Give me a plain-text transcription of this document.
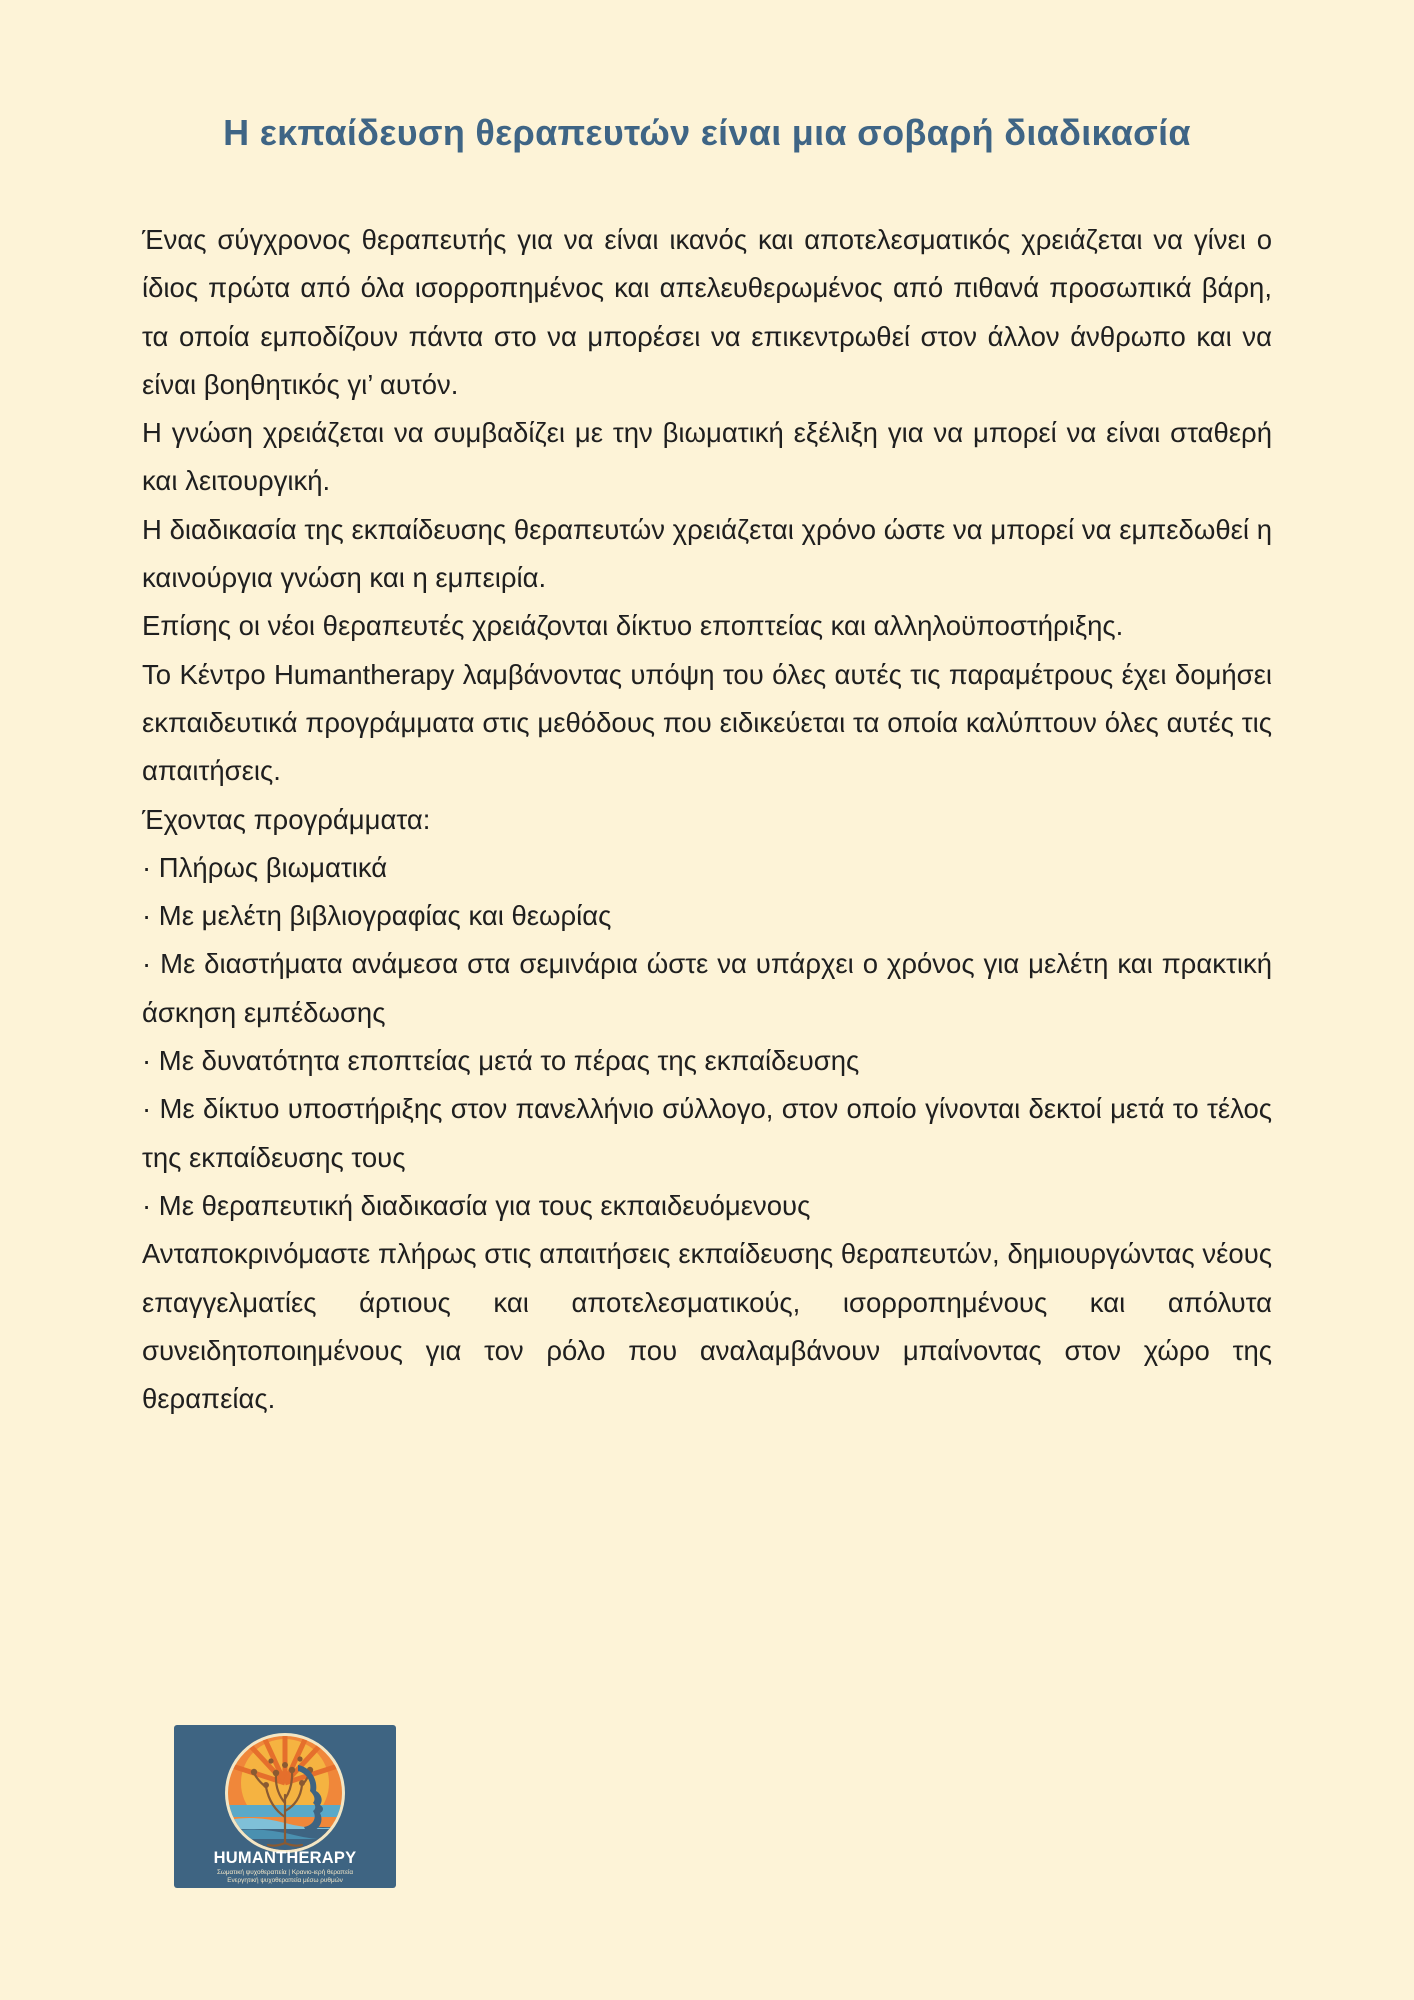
Η εκπαίδευση θεραπευτών είναι μια σοβαρή διαδικασία

Ένας σύγχρονος θεραπευτής για να είναι ικανός και αποτελεσματικός χρειάζεται να γίνει ο ίδιος πρώτα από όλα ισορροπημένος και απελευθερωμένος από πιθανά προσωπικά βάρη, τα οποία εμποδίζουν πάντα στο να μπορέσει να επικεντρωθεί στον άλλον άνθρωπο και να είναι βοηθητικός γι’ αυτόν.

Η γνώση χρειάζεται να συμβαδίζει με την βιωματική εξέλιξη για να μπορεί να είναι σταθερή και λειτουργική.

Η διαδικασία της εκπαίδευσης θεραπευτών χρειάζεται χρόνο ώστε να μπορεί να εμπεδωθεί η καινούργια γνώση και η εμπειρία.

Επίσης οι νέοι θεραπευτές χρειάζονται δίκτυο εποπτείας και αλληλοϋποστήριξης.

Το Κέντρο Humantherapy λαμβάνοντας υπόψη του όλες αυτές τις παραμέτρους έχει δομήσει εκπαιδευτικά προγράμματα στις μεθόδους που ειδικεύεται τα οποία καλύπτουν όλες αυτές τις απαιτήσεις.

Έχοντας προγράμματα:

· Πλήρως βιωματικά

· Με μελέτη βιβλιογραφίας και θεωρίας

· Με διαστήματα ανάμεσα στα σεμινάρια ώστε να υπάρχει ο χρόνος για μελέτη και πρακτική άσκηση εμπέδωσης

· Με δυνατότητα εποπτείας μετά το πέρας της εκπαίδευσης

· Με δίκτυο υποστήριξης στον πανελλήνιο σύλλογο, στον οποίο γίνονται δεκτοί μετά το τέλος της εκπαίδευσης τους

· Με θεραπευτική διαδικασία για τους εκπαιδευόμενους

Ανταποκρινόμαστε πλήρως στις απαιτήσεις εκπαίδευσης θεραπευτών, δημιουργώντας νέους επαγγελματίες άρτιους και αποτελεσματικούς, ισορροπημένους και απόλυτα συνειδητοποιημένους για τον ρόλο που αναλαμβάνουν μπαίνοντας στον χώρο της θεραπείας.

HUMANTHERAPY
Σωματική ψυχοθεραπεία | Κρανιο-ιερή θεραπεία
Ενεργητική ψυχοθεραπεία μέσω ρυθμών
